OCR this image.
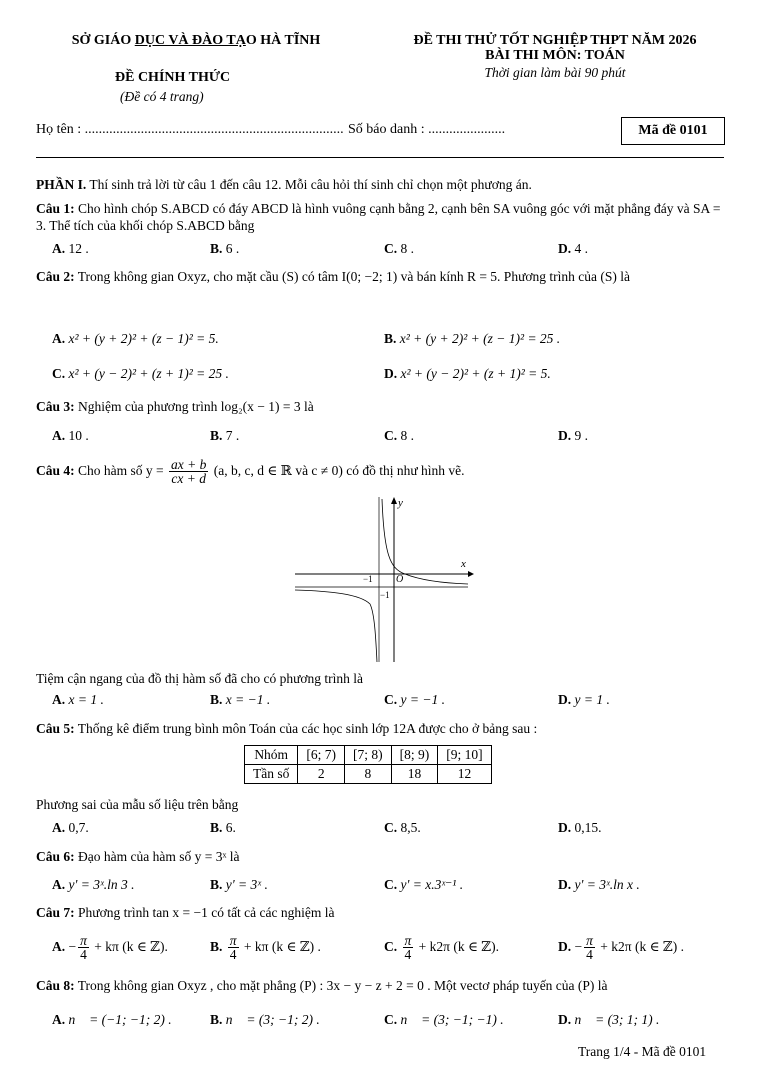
SỞ GIÁO DỤC VÀ ĐÀO TẠO HÀ TĨNH
ĐỀ CHÍNH THỨC
(Đề có 4 trang)
ĐỀ THI THỬ TỐT NGHIỆP THPT NĂM 2026
BÀI THI MÔN: TOÁN
Thời gian làm bài 90 phút
Họ tên : .......................................................................... Số báo danh : ......................	Mã đề 0101
PHẦN I. Thí sinh trả lời từ câu 1 đến câu 12. Mỗi câu hỏi thí sinh chỉ chọn một phương án.
Câu 1: Cho hình chóp S.ABCD có đáy ABCD là hình vuông cạnh bằng 2, cạnh bên SA vuông góc với mặt phẳng đáy và SA = 3. Thể tích của khối chóp S.ABCD bằng
A. 12 .	B. 6 .	C. 8 .	D. 4 .
Câu 2: Trong không gian Oxyz, cho mặt cầu (S) có tâm I(0; −2; 1) và bán kính R = 5. Phương trình của (S) là
A. x² + (y + 2)² + (z − 1)² = 5.	B. x² + (y + 2)² + (z − 1)² = 25 .
C. x² + (y − 2)² + (z + 1)² = 25 .	D. x² + (y − 2)² + (z + 1)² = 5.
Câu 3: Nghiệm của phương trình log₂(x − 1) = 3 là
A. 10 .	B. 7 .	C. 8 .	D. 9 .
Câu 4: Cho hàm số $y = \frac{ax + b}{cx + d} (a$, b, c, d ∈ ℝ và c ≠ 0) có đồ thị như hình vẽ.
y
x
O
−1
−1
Tiệm cận ngang của đồ thị hàm số đã cho có phương trình là
A. x = 1 .	B. x = −1 .	C. y = −1 .	D. y = 1 .
Câu 5: Thống kê điểm trung bình môn Toán của các học sinh lớp 12A được cho ở bảng sau :
Nhóm	[6; 7)	[7; 8)	[8; 9)	[9; 10]
Tần số	2	8	18	12
Phương sai của mẫu số liệu trên bằng
A. 0,7.	B. 6.	C. 8,5.	D. 0,15.
Câu 6: Đạo hàm của hàm số y = 3ˣ là
A. y' = 3ˣ.ln 3 .	B. y' = 3ˣ .	C. y' = x.3ˣ⁻¹ .	D. y' = 3ˣ.ln x .
Câu 7: Phương trình tan x = −1 có tất cả các nghiệm là
A. − $\frac{\pi}{4} + k\pi$ (k ∈ ℤ).	B. $\frac{\pi}{4} + k\pi$ (k ∈ ℤ) .	C. $\frac{\pi}{4} + k2\pi$ (k ∈ ℤ).	D. − $\frac{\pi}{4} + k2\pi$ (k ∈ ℤ) .
Câu 8: Trong không gian Oxyz , cho mặt phẳng (P) : 3x − y − z + 2 = 0 . Một vectơ pháp tuyến của (P) là
A. n⃗ = (−1; −1; 2) .	B. n⃗ = (3; −1; 2) .	C. n⃗ = (3; −1; −1) .	D. n⃗ = (3; 1; 1) .
Trang 1/4 - Mã đề 0101
